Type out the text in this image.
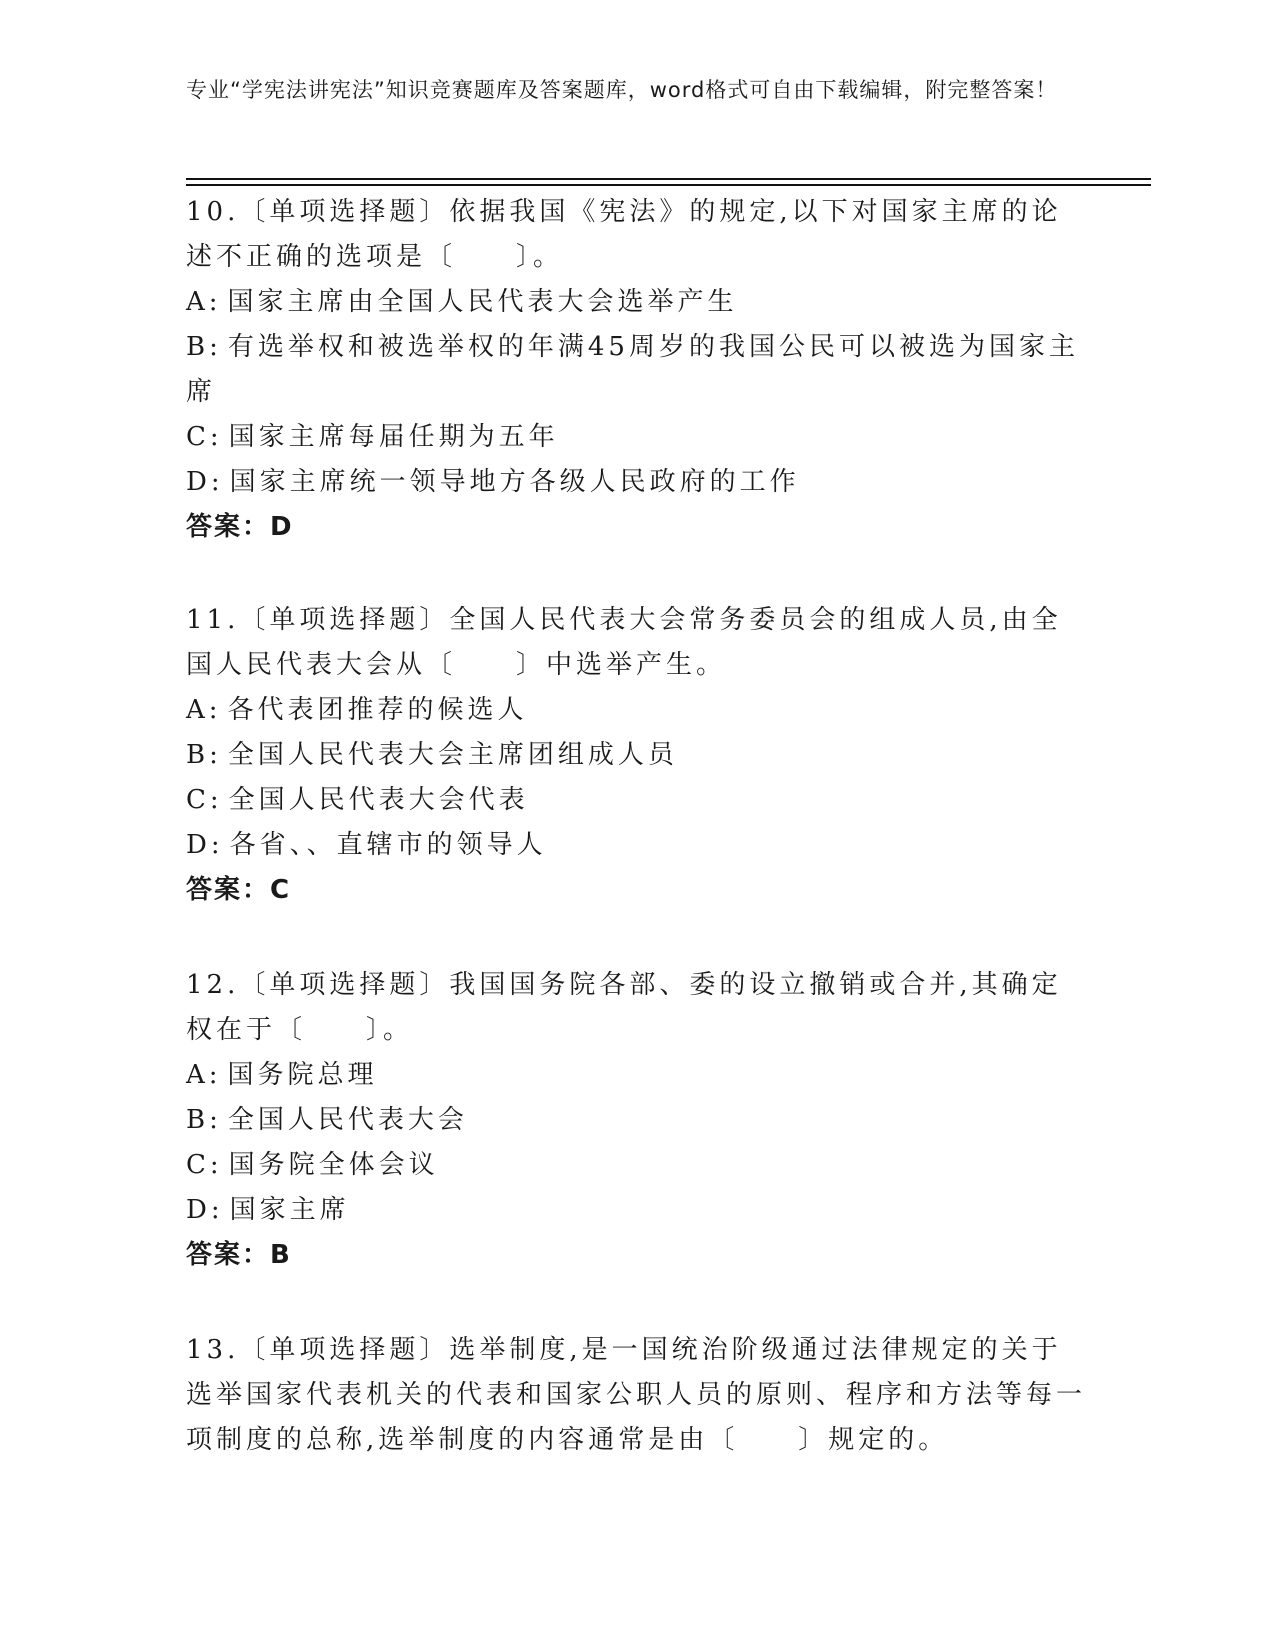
专业“学宪法讲宪法”知识竞赛题库及答案题库，word格式可自由下载编辑，附完整答案！

10.〔单项选择题〕依据我国《宪法》的规定,以下对国家主席的论述不正确的选项是〔　　〕。

A: 国家主席由全国人民代表大会选举产生

B: 有选举权和被选举权的年满45周岁的我国公民可以被选为国家主席

C: 国家主席每届任期为五年

D: 国家主席统一领导地方各级人民政府的工作

答案：D

11.〔单项选择题〕全国人民代表大会常务委员会的组成人员,由全国人民代表大会从〔　　〕中选举产生。

A: 各代表团推荐的候选人

B: 全国人民代表大会主席团组成人员

C: 全国人民代表大会代表

D: 各省、、直辖市的领导人

答案：C

12.〔单项选择题〕我国国务院各部、委的设立撤销或合并,其确定权在于〔　　〕。

A: 国务院总理

B: 全国人民代表大会

C: 国务院全体会议

D: 国家主席

答案：B

13.〔单项选择题〕选举制度,是一国统治阶级通过法律规定的关于选举国家代表机关的代表和国家公职人员的原则、程序和方法等每一项制度的总称,选举制度的内容通常是由〔　　〕规定的。
